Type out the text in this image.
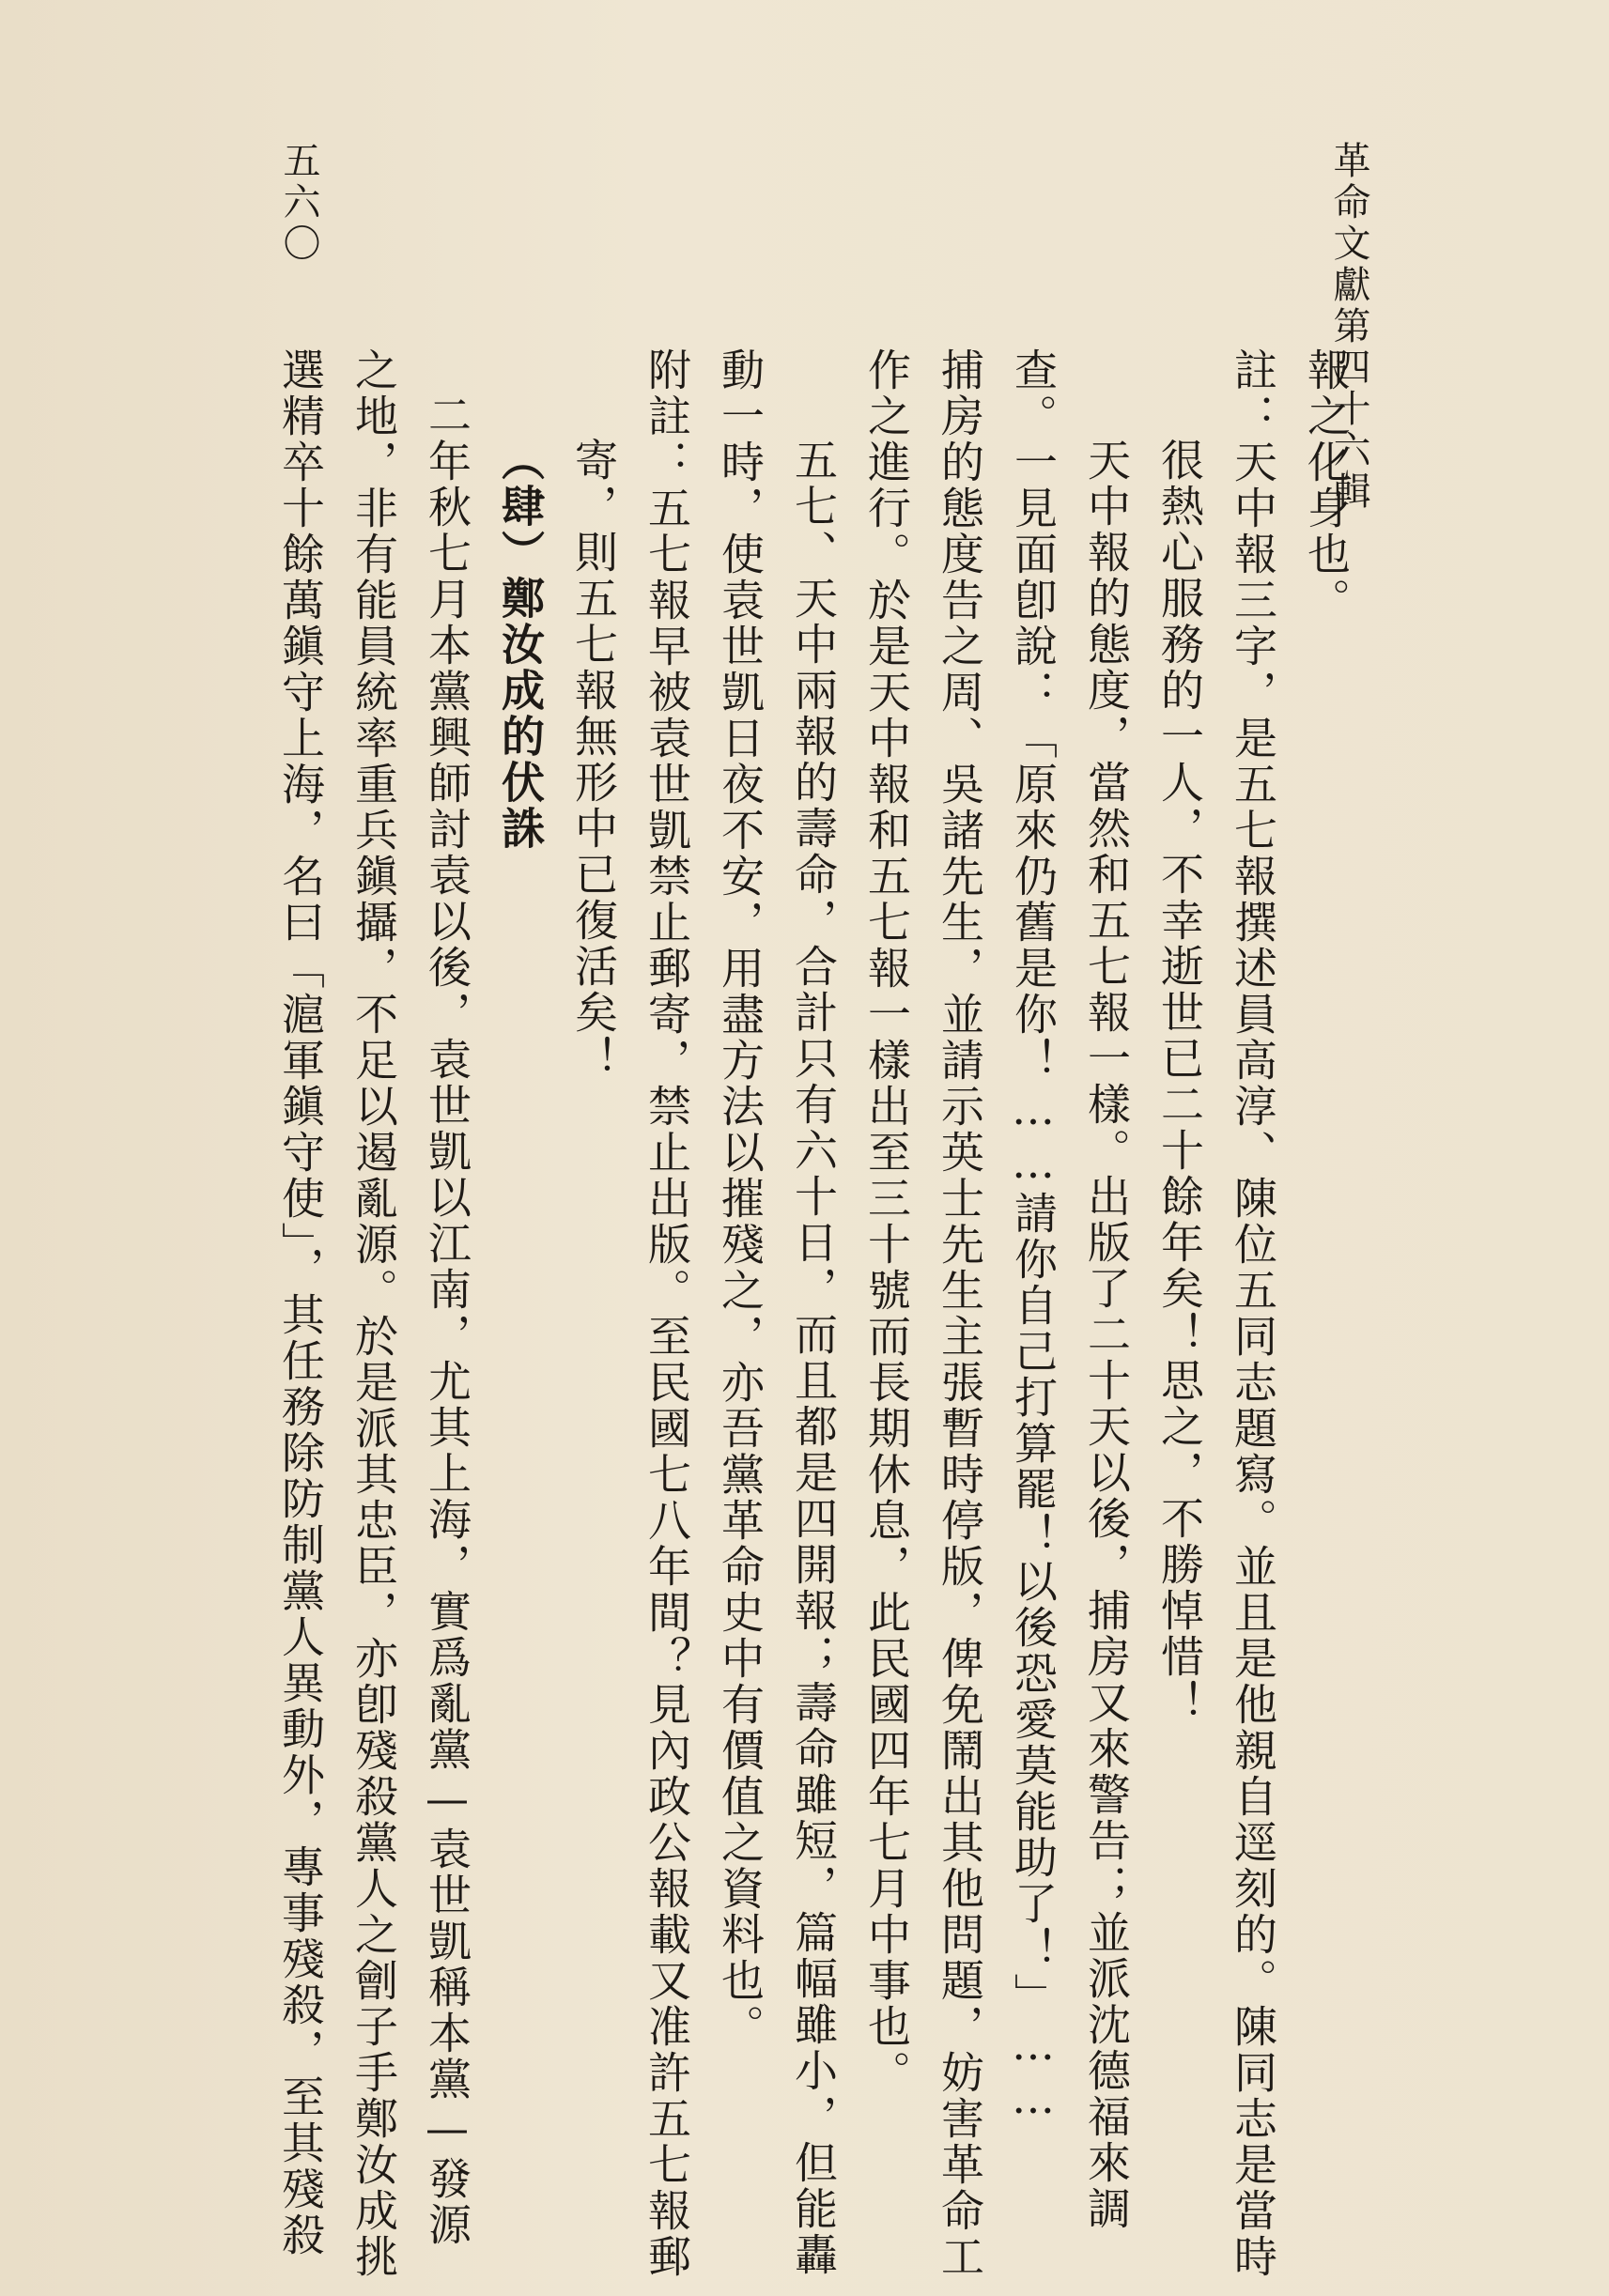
革命文獻第四十六輯
五六〇
報之化身也。
註：天中報三字，是五七報撰述員高淳、陳位五同志題寫。並且是他親自逕刻的。陳同志是當時
很熱心服務的一人，不幸逝世已二十餘年矣！思之，不勝悼惜！
天中報的態度，當然和五七報一樣。出版了二十天以後，捕房又來警告；並派沈德福來調
查。一見面卽說：「原來仍舊是你！……請你自己打算罷！以後恐愛莫能助了！」……
捕房的態度告之周、吳諸先生，並請示英士先生主張暫時停版，俾免鬧出其他問題，妨害革命工
作之進行。於是天中報和五七報一樣出至三十號而長期休息，此民國四年七月中事也。
五七、天中兩報的壽命，合計只有六十日，而且都是四開報；壽命雖短，篇幅雖小，但能轟
動一時，使袁世凱日夜不安，用盡方法以摧殘之，亦吾黨革命史中有價值之資料也。
附註：五七報早被袁世凱禁止郵寄，禁止出版。至民國七八年間？見內政公報載又准許五七報郵
寄，則五七報無形中已復活矣！
（肆）鄭汝成的伏誅
二年秋七月本黨興師討袁以後，袁世凱以江南，尤其上海，實爲亂黨—袁世凱稱本黨—發源
之地，非有能員統率重兵鎭攝，不足以遏亂源。於是派其忠臣，亦卽殘殺黨人之劊子手鄭汝成挑
選精卒十餘萬鎭守上海，名曰「滬軍鎭守使」，其任務除防制黨人異動外，專事殘殺，至其殘殺
